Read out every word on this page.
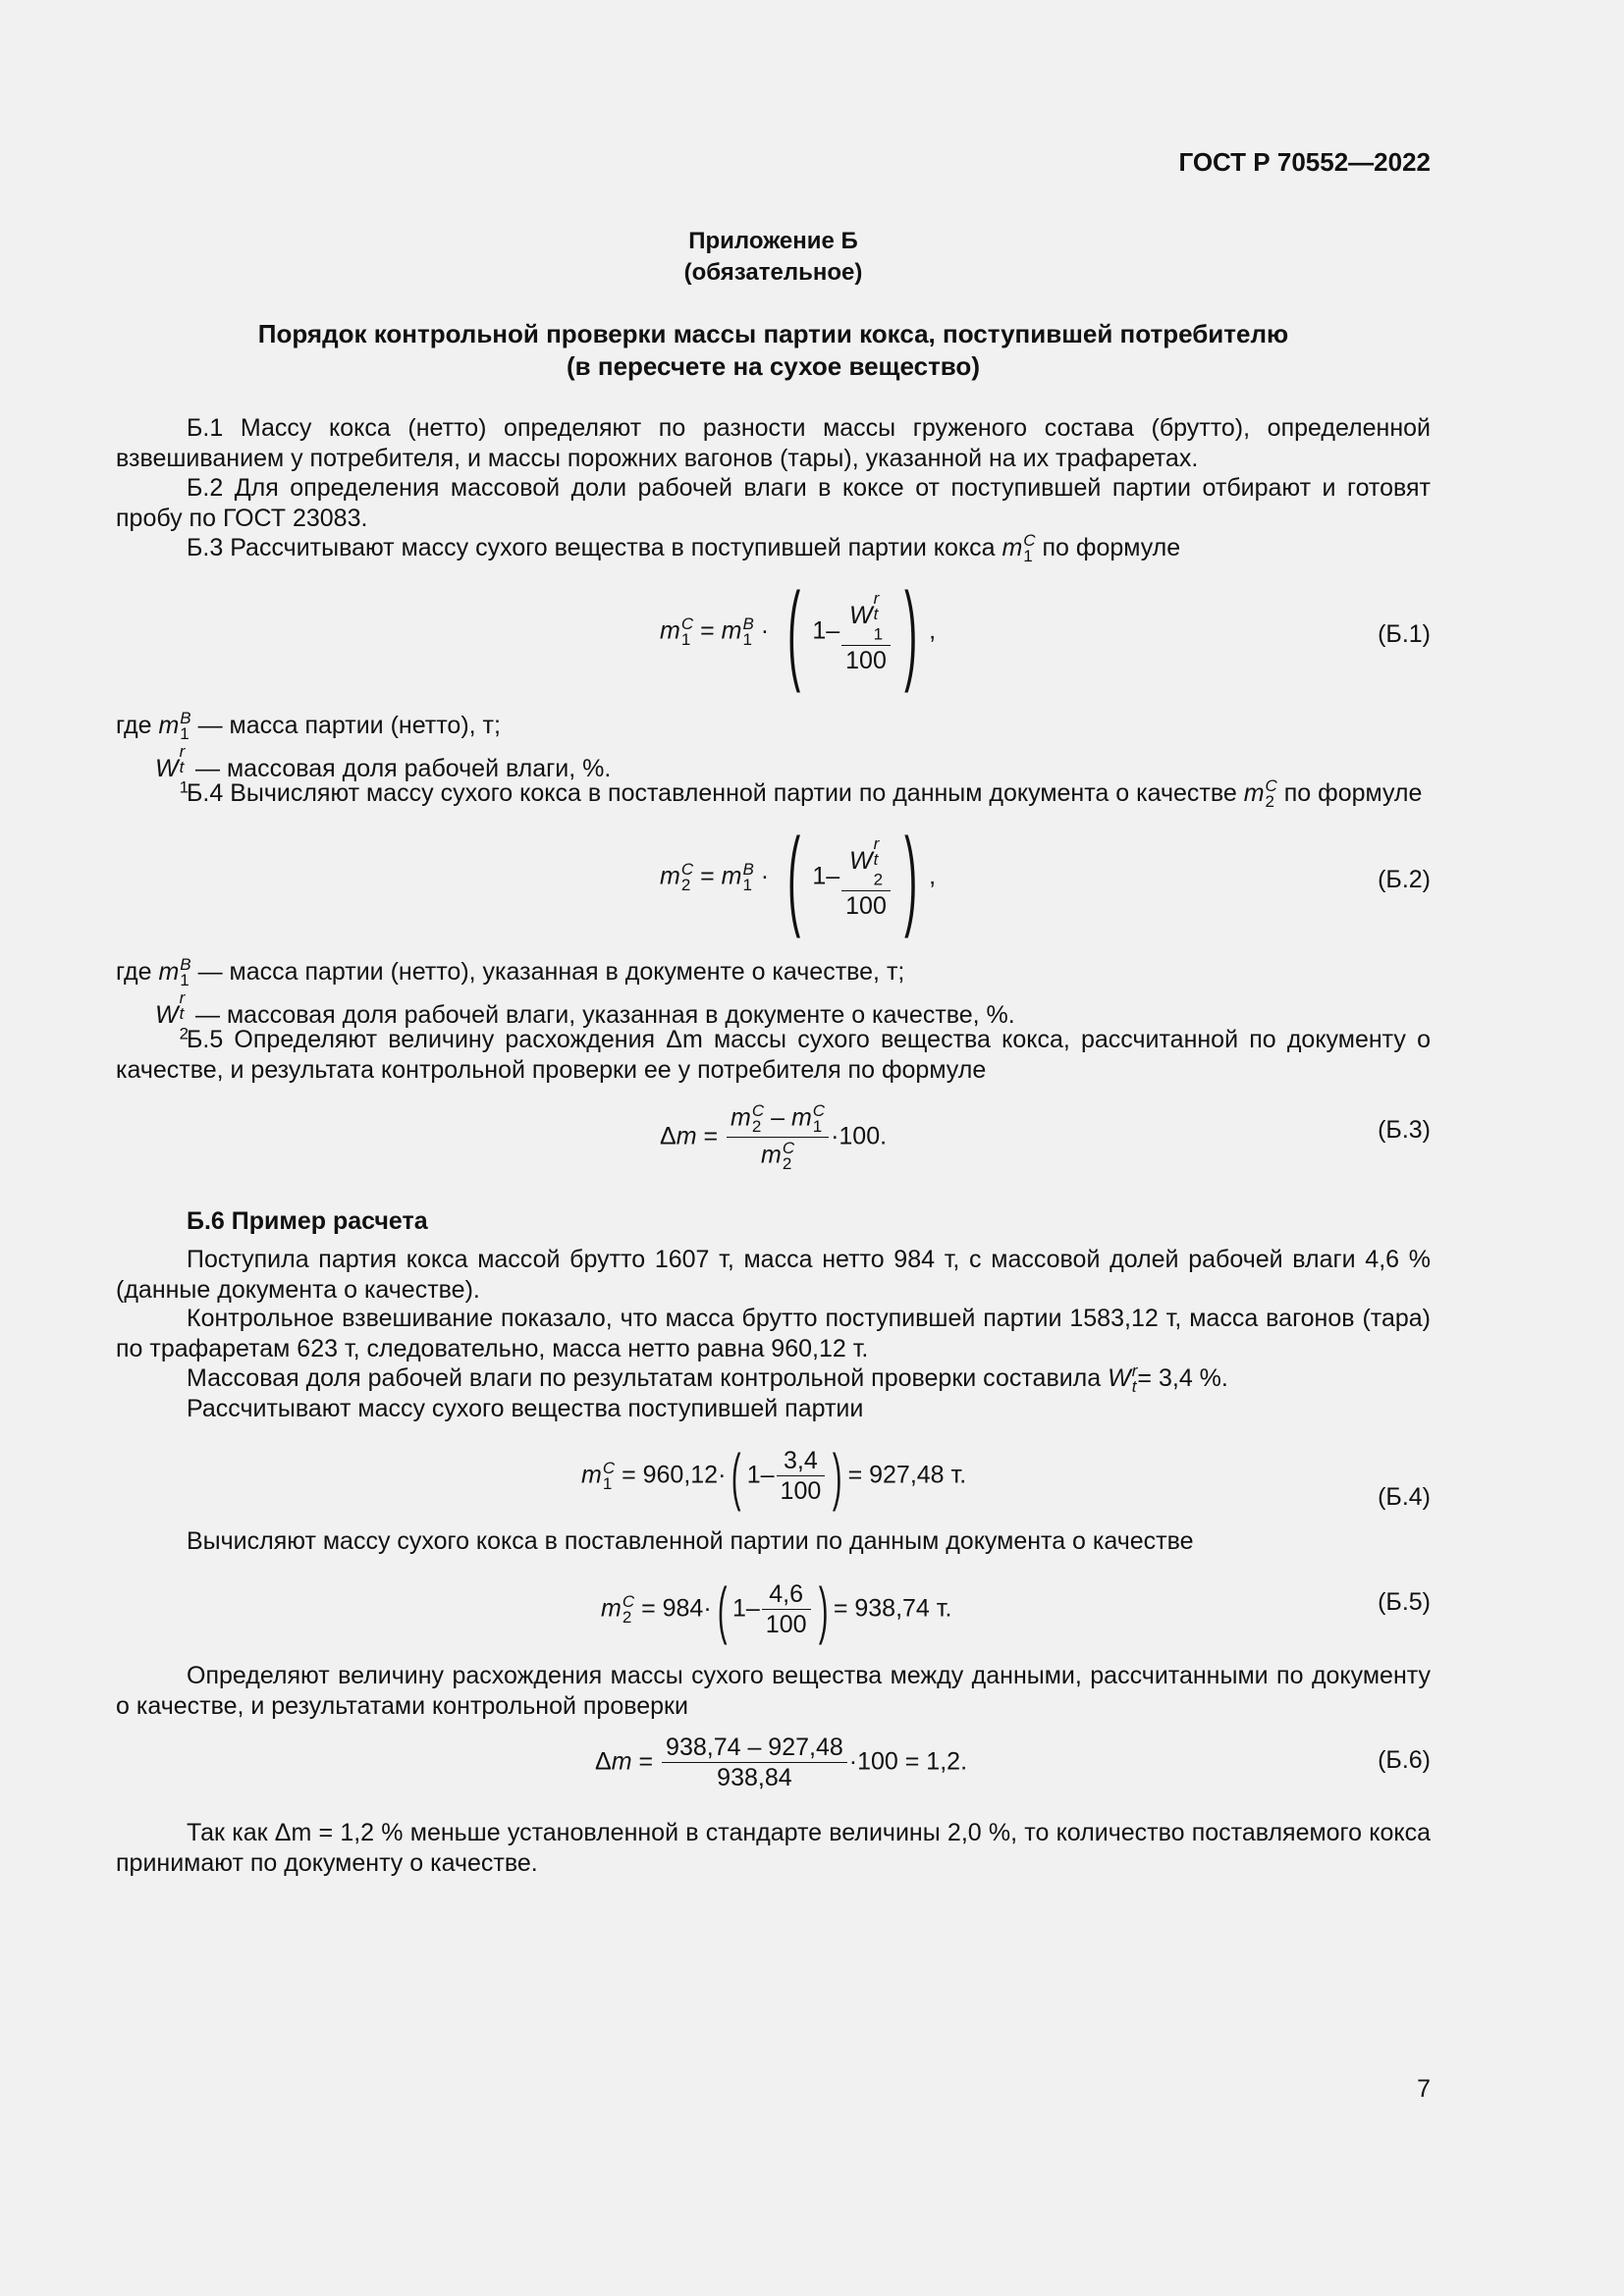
ГОСТ Р 70552—2022
Приложение Б
(обязательное)
Порядок контрольной проверки массы партии кокса, поступившей потребителю
(в пересчете на сухое вещество)
Б.1 Массу кокса (нетто) определяют по разности массы груженого состава (брутто), определенной взвешиванием у потребителя, и массы порожних вагонов (тары), указанной на их трафаретах.
Б.2 Для определения массовой доли рабочей влаги в коксе от поступившей партии отбирают и готовят пробу по ГОСТ 23083.
Б.3 Рассчитывают массу сухого вещества в поступившей партии кокса m C
1 по формуле
m C
1 = m B
1 · ( 1– W
r
t
$_1$
100 ) ,	(Б.1)
где m B
1 — масса партии (нетто), т;
W
r
t
$_1$
— массовая доля рабочей влаги, %.
Б.4 Вычисляют массу сухого кокса в поставленной партии по данным документа о качестве m C
2 по формуле
m C
2 = m B
1 · ( 1– W
r
t
$_2$
100 ) ,	(Б.2)
где m B
1 — масса партии (нетто), указанная в документе о качестве, т;
W
r
t
$_2$
— массовая доля рабочей влаги, указанная в документе о качестве, %.
Б.5 Определяют величину расхождения Δm массы сухого вещества кокса, рассчитанной по документу о качестве, и результата контрольной проверки ее у потребителя по формуле
Δm = m C
2 – m C
1
m C
2 ·100.	(Б.3)
Б.6 Пример расчета
Поступила партия кокса массой брутто 1607 т, масса нетто 984 т, с массовой долей рабочей влаги 4,6 % (данные документа о качестве).
Контрольное взвешивание показало, что масса брутто поступившей партии 1583,12 т, масса вагонов (тара) по трафаретам 623 т, следовательно, масса нетто равна 960,12 т.
Массовая доля рабочей влаги по результатам контрольной проверки составила W r
t = 3,4 %.
Рассчитывают массу сухого вещества поступившей партии
m C
1 = 960,12·( $1- \frac{3,4}{100}$ ) = 927,48 т.
(Б.4)
Вычисляют массу сухого кокса в поставленной партии по данным документа о качестве
m C
2 = 984·( $1- \frac{4,6}{100}$ ) = 938,74 т.	(Б.5)
Определяют величину расхождения массы сухого вещества между данными, рассчитанными по документу о качестве, и результатами контрольной проверки
$\Delta m = \frac{938,74 - 927,48}{938,84} \cdot 100 = 1,2$.	(Б.6)
Так как Δm = 1,2 % меньше установленной в стандарте величины 2,0 %, то количество поставляемого кокса принимают по документу о качестве.
7
